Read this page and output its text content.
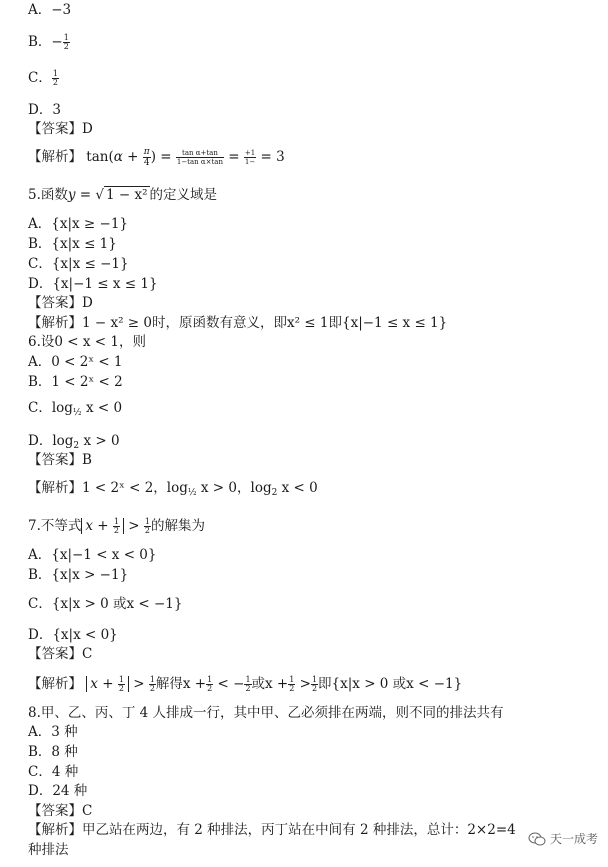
A．−3
B．− $\frac{1}{2}$
C． $\frac{1}{2}$
D．3
【答案】D
【解析】 $\tan(\alpha + \frac{\pi}{4}$ ) = $\frac{\text{tan α+tan}}{\text{1−tan α×tan}} = \frac{+1}{1-} = 3$
5.函数y = √ 1 − x² 的定义域是
A．{x|x ≥ −1}
B．{x|x ≤ 1}
C．{x|x ≤ −1}
D．{x|−1 ≤ x ≤ 1}
【答案】D
【解析】1 − x² ≥ 0时，原函数有意义，即x² ≤ 1即{x|−1 ≤ x ≤ 1}
6.设0 < x < 1，则
A．0 < 2ˣ < 1
B．1 < 2ˣ < 2
C．$\log_{\frac{1}{2}} x < 0$
D．$\log_2 x > 0$
【答案】B
【解析】1 < 2ˣ < 2，$\log_{\frac{1}{2}} x > 0$，$\log_2 x < 0$
7.不等式 $x + \frac{1}{2} > \frac{1}{2}$ 的解集为
A．{x|−1 < x < 0}
B．{x|x > −1}
C．{x|x > 0 或x < −1}
D．{x|x < 0}
【答案】C
【解析】 $x + \frac{1}{2} > \frac{1}{2}$ 解得$x + \frac{1}{2}$ < − $\frac{1}{2}$ 或$x + \frac{1}{2} > \frac{1}{2}$ 即{x|x > 0 或x < −1}
8.甲、乙、丙、丁 4 人排成一行，其中甲、乙必须排在两端，则不同的排法共有
A．3 种
B．8 种
C．4 种
D．24 种
【答案】C
【解析】甲乙站在两边，有 2 种排法，丙丁站在中间有 2 种排法，总计：2×2=4
种排法
天一成考
